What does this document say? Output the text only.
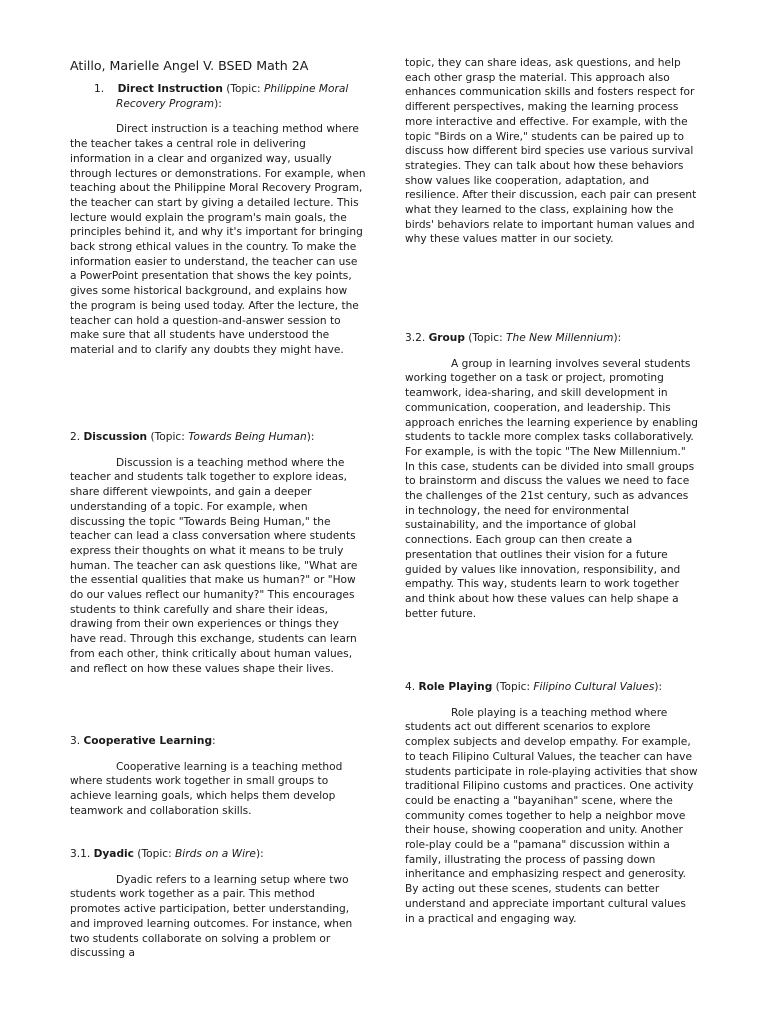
Atillo, Marielle Angel V. BSED Math 2A

1. Direct Instruction (Topic: Philippine Moral Recovery Program):

Direct instruction is a teaching method where the teacher takes a central role in delivering information in a clear and organized way, usually through lectures or demonstrations. For example, when teaching about the Philippine Moral Recovery Program, the teacher can start by giving a detailed lecture. This lecture would explain the program's main goals, the principles behind it, and why it's important for bringing back strong ethical values in the country. To make the information easier to understand, the teacher can use a PowerPoint presentation that shows the key points, gives some historical background, and explains how the program is being used today. After the lecture, the teacher can hold a question-and-answer session to make sure that all students have understood the material and to clarify any doubts they might have.

2. Discussion (Topic: Towards Being Human):

Discussion is a teaching method where the teacher and students talk together to explore ideas, share different viewpoints, and gain a deeper understanding of a topic. For example, when discussing the topic "Towards Being Human," the teacher can lead a class conversation where students express their thoughts on what it means to be truly human. The teacher can ask questions like, "What are the essential qualities that make us human?" or "How do our values reflect our humanity?" This encourages students to think carefully and share their ideas, drawing from their own experiences or things they have read. Through this exchange, students can learn from each other, think critically about human values, and reflect on how these values shape their lives.

3. Cooperative Learning:

Cooperative learning is a teaching method where students work together in small groups to achieve learning goals, which helps them develop teamwork and collaboration skills.

3.1. Dyadic (Topic: Birds on a Wire):

Dyadic refers to a learning setup where two students work together as a pair. This method promotes active participation, better understanding, and improved learning outcomes. For instance, when two students collaborate on solving a problem or discussing a

topic, they can share ideas, ask questions, and help each other grasp the material. This approach also enhances communication skills and fosters respect for different perspectives, making the learning process more interactive and effective. For example, with the topic "Birds on a Wire," students can be paired up to discuss how different bird species use various survival strategies. They can talk about how these behaviors show values like cooperation, adaptation, and resilience. After their discussion, each pair can present what they learned to the class, explaining how the birds' behaviors relate to important human values and why these values matter in our society.

3.2. Group (Topic: The New Millennium):

A group in learning involves several students working together on a task or project, promoting teamwork, idea-sharing, and skill development in communication, cooperation, and leadership. This approach enriches the learning experience by enabling students to tackle more complex tasks collaboratively. For example, is with the topic "The New Millennium." In this case, students can be divided into small groups to brainstorm and discuss the values we need to face the challenges of the 21st century, such as advances in technology, the need for environmental sustainability, and the importance of global connections. Each group can then create a presentation that outlines their vision for a future guided by values like innovation, responsibility, and empathy. This way, students learn to work together and think about how these values can help shape a better future.

4. Role Playing (Topic: Filipino Cultural Values):

Role playing is a teaching method where students act out different scenarios to explore complex subjects and develop empathy. For example, to teach Filipino Cultural Values, the teacher can have students participate in role-playing activities that show traditional Filipino customs and practices. One activity could be enacting a "bayanihan" scene, where the community comes together to help a neighbor move their house, showing cooperation and unity. Another role-play could be a "pamana" discussion within a family, illustrating the process of passing down inheritance and emphasizing respect and generosity. By acting out these scenes, students can better understand and appreciate important cultural values in a practical and engaging way.
